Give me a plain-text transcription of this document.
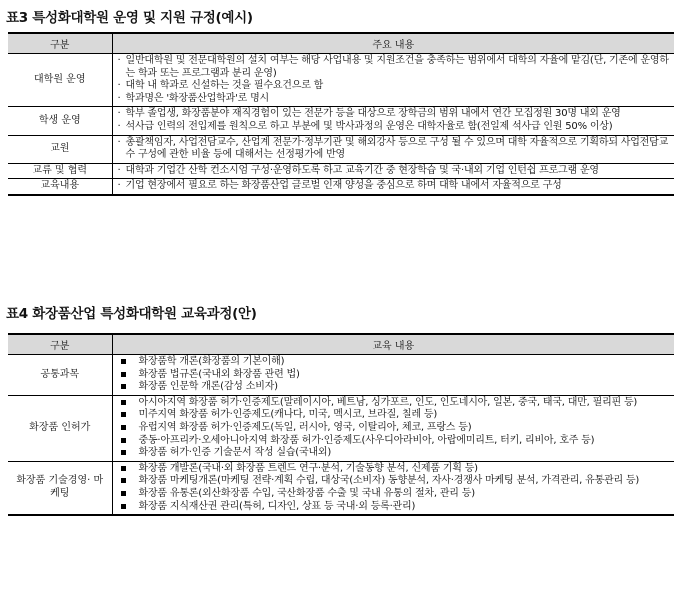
표3 특성화대학원 운영 및 지원 규정(예시)
구분	주요 내용
대학원 운영	· 일반대학원 및 전문대학원의 설치 여부는 해당 사업내용 및 지원조건을 충족하는 범위에서 대학의 자율에 맡김(단, 기존에 운영하는 학과 또는 프로그램과 분리 운영)
· 대학 내 학과로 신설하는 것을 필수요건으로 함
· 학과명은 '화장품산업학과'로 명시

학생 운영	· 학부 졸업생, 화장품분야 재직경험이 있는 전문가 등을 대상으로 장학금의 범위 내에서 연간 모집정원 30명 내외 운영
· 석사급 인력의 전입제를 원칙으로 하고 부분에 및 박사과정의 운영은 대학자율로 함(전일제 석사급 인원 50% 이상)

교원	· 총괄책임자, 사업전담교수, 산업계 전문가·정부기관 및 해외강사 등으로 구성 될 수 있으며 대학 자율적으로 기획하되 사업전담교수 구성에 관한 비율 등에 대해서는 선정평가에 반영

교류 및 협력	· 대학과 기업간 산학 컨소시엄 구성·운영하도록 하고 교육기간 중 현장학습 및 국·내외 기업 인턴쉽 프로그램 운영

교육내용	· 기업 현장에서 필요로 하는 화장품산업 글로벌 인재 양성을 중심으로 하며 대학 내에서 자율적으로 구성
표4 화장품산업 특성화대학원 교육과정(안)
구분	교육 내용
공통과목	화장품학 개론(화장품의 기본이해)
화장품 법규론(국내외 화장품 관련 법)
화장품 인문학 개론(감성 소비자)

화장품 인허가	아시아지역 화장품 허가·인증제도(말레이시아, 베트남, 싱가포르, 인도, 인도네시아, 일본, 중국, 태국, 대만, 필리핀 등)
미주지역 화장품 허가·인증제도(캐나다, 미국, 멕시코, 브라질, 칠레 등)
유럽지역 화장품 허가·인증제도(독일, 러시아, 영국, 이탈리아, 체코, 프랑스 등)
중동·아프리카·오세아니아지역 화장품 허가·인증제도(사우디아라비아, 아랍에미리트, 터키, 리비아, 호주 등)
화장품 허가·인증 기술문서 작성 실습(국내외)

화장품 기술경영· 마케팅	화장품 개발론(국내·외 화장품 트렌드 연구·분석, 기술동향 분석, 신제품 기획 등)
화장품 마케팅개론(마케팅 전략·계획 수립, 대상국(소비자) 동향분석, 자사·경쟁사 마케팅 분석, 가격관리, 유통관리 등)
화장품 유통론(외산화장품 수입, 국산화장품 수출 및 국내 유통의 절차, 관리 등)
화장품 지식재산권 관리(특허, 디자인, 상표 등 국내·외 등록·관리)
